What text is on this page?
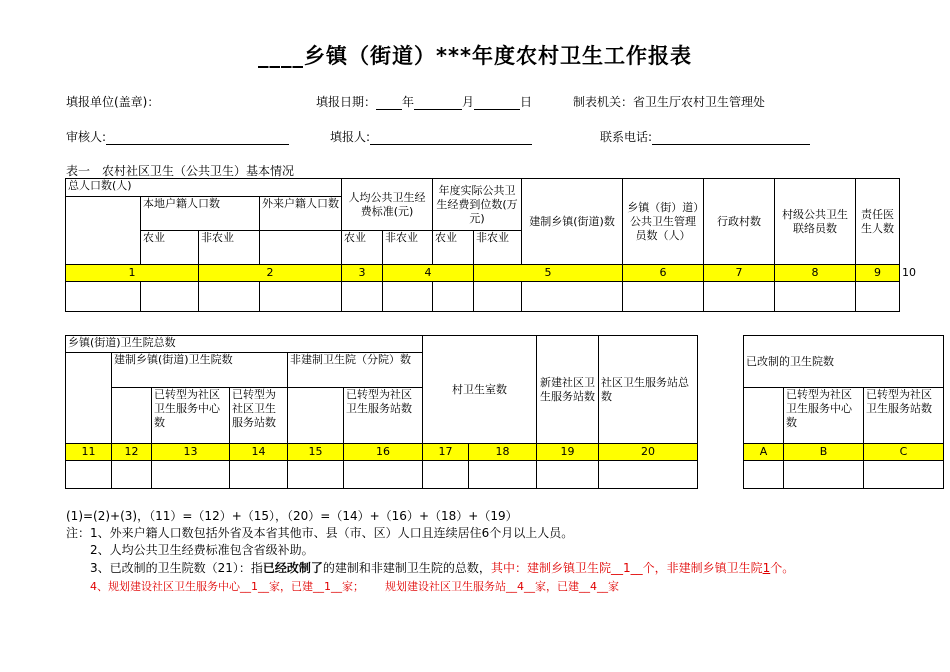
____乡镇（街道）***年度农村卫生工作报表
填报单位(盖章)：	填报日期： 年	月	日	制表机关：省卫生厅农村卫生管理处
审核人:	填报人:	联系电话:
表一　农村社区卫生（公共卫生）基本情况
总人口数(人)				人均公共卫生经费标准(元)		年度实际公共卫生经费到位数(万元)		建制乡镇(街道)数	乡镇（街）道）公共卫生管理员数（人）	行政村数	村级公共卫生联络员数	责任医生人数	
	本地户籍人口数		外来户籍人口数										
	农业	非农业		农业	非农业	农业	非农业						
1		2		3	4		5		6	7	8	9	10

乡镇(街道)卫生院总数						村卫生室数		新建社区卫生服务站数	社区卫生服务站总数
	建制乡镇(街道)卫生院数			非建制卫生院（分院）数					
		已转型为社区卫生服务中心数	已转型为社区卫生服务站数		已转型为社区卫生服务站数				
11	12	13	14	15	16	17	18	19	20

已改制的卫生院数		
	已转型为社区卫生服务中心数	已转型为社区卫生服务站数
A	B	C

(1)=(2)+(3)，（11）=（12）+（15），（20）=（14）+（16）+（18）+（19）
注：1、外来户籍人口数包括外省及本省其他市、县（市、区）人口且连续居住6个月以上人员。
2、人均公共卫生经费标准包含省级补助。
3、已改制的卫生院数（21）：指已经改制了的建制和非建制卫生院的总数，其中：建制乡镇卫生院__1__个，非建制乡镇卫生院1个。
4、规划建设社区卫生服务中心__1__家，已建__1__家；      规划建设社区卫生服务站__4__家，已建__4__家
